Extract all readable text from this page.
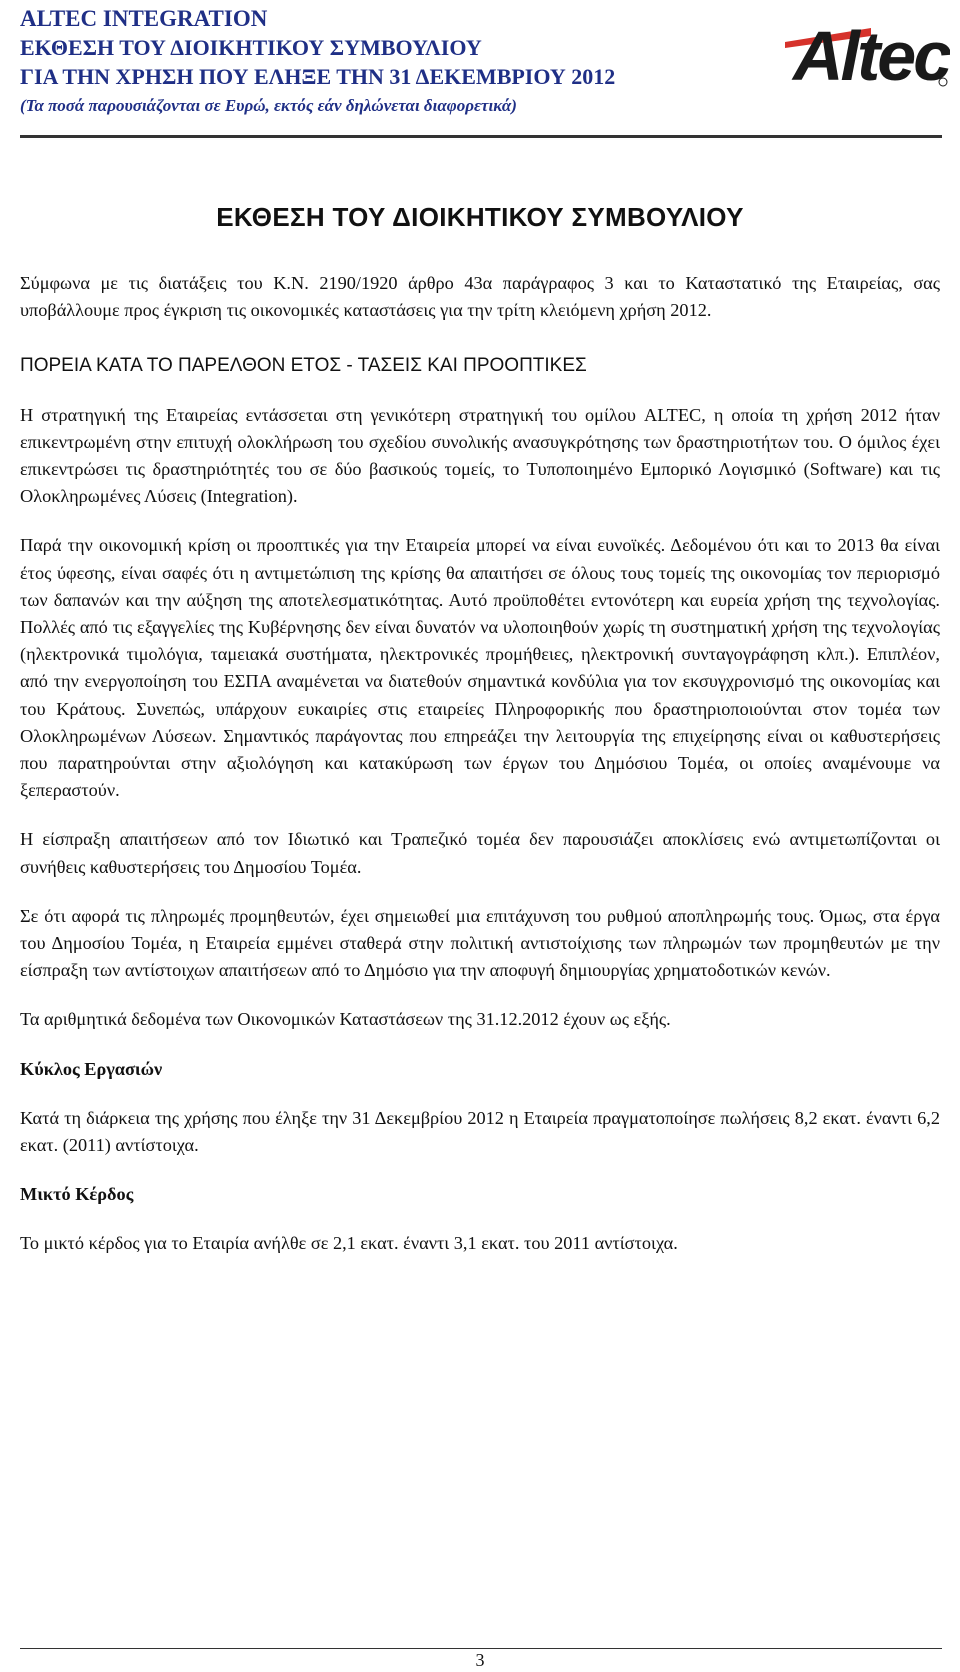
ALTEC INTEGRATION
ΕΚΘΕΣΗ ΤΟΥ ΔΙΟΙΚΗΤΙΚΟΥ ΣΥΜΒΟΥΛΙΟΥ
ΓΙΑ ΤΗΝ ΧΡΗΣΗ ΠΟΥ ΕΛΗΞΕ ΤΗΝ 31 ΔΕΚΕΜΒΡΙΟΥ 2012
(Τα ποσά παρουσιάζονται σε Ευρώ, εκτός εάν δηλώνεται διαφορετικά)
Altec
ΕΚΘΕΣΗ ΤΟΥ ΔΙΟΙΚΗΤΙΚΟΥ ΣΥΜΒΟΥΛΙΟΥ

Σύμφωνα με τις διατάξεις του Κ.Ν. 2190/1920 άρθρο 43α παράγραφος 3 και το Καταστατικό της Εταιρείας, σας υποβάλλουμε προς έγκριση τις οικονομικές καταστάσεις για την τρίτη κλειόμενη χρήση 2012.

ΠΟΡΕΙΑ ΚΑΤΑ ΤΟ ΠΑΡΕΛΘΟΝ ΕΤΟΣ - ΤΑΣΕΙΣ ΚΑΙ ΠΡΟΟΠΤΙΚΕΣ

Η στρατηγική της Εταιρείας εντάσσεται στη γενικότερη στρατηγική του ομίλου ALTEC, η οποία τη χρήση 2012 ήταν επικεντρωμένη στην επιτυχή ολοκλήρωση του σχεδίου συνολικής ανασυγκρότησης των δραστηριοτήτων του. Ο όμιλος έχει επικεντρώσει τις δραστηριότητές του σε δύο βασικούς τομείς, το Τυποποιημένο Εμπορικό Λογισμικό (Software) και τις Ολοκληρωμένες Λύσεις (Integration).

Παρά την οικονομική κρίση οι προοπτικές για την Εταιρεία μπορεί να είναι ευνοϊκές. Δεδομένου ότι και το 2013 θα είναι έτος ύφεσης, είναι σαφές ότι η αντιμετώπιση της κρίσης θα απαιτήσει σε όλους τους τομείς της οικονομίας τον περιορισμό των δαπανών και την αύξηση της αποτελεσματικότητας. Αυτό προϋποθέτει εντονότερη και ευρεία χρήση της τεχνολογίας. Πολλές από τις εξαγγελίες της Κυβέρνησης δεν είναι δυνατόν να υλοποιηθούν χωρίς τη συστηματική χρήση της τεχνολογίας (ηλεκτρονικά τιμολόγια, ταμειακά συστήματα, ηλεκτρονικές προμήθειες, ηλεκτρονική συνταγογράφηση κλπ.). Επιπλέον, από την ενεργοποίηση του ΕΣΠΑ αναμένεται να διατεθούν σημαντικά κονδύλια για τον εκσυγχρονισμό της οικονομίας και του Κράτους. Συνεπώς, υπάρχουν ευκαιρίες στις εταιρείες Πληροφορικής που δραστηριοποιούνται στον τομέα των Ολοκληρωμένων Λύσεων. Σημαντικός παράγοντας που επηρεάζει την λειτουργία της επιχείρησης είναι οι καθυστερήσεις που παρατηρούνται στην αξιολόγηση και κατακύρωση των έργων του Δημόσιου Τομέα, οι οποίες αναμένουμε να ξεπεραστούν.

Η είσπραξη απαιτήσεων από τον Ιδιωτικό και Τραπεζικό τομέα δεν παρουσιάζει αποκλίσεις ενώ αντιμετωπίζονται οι συνήθεις καθυστερήσεις του Δημοσίου Τομέα.

Σε ότι αφορά τις πληρωμές προμηθευτών, έχει σημειωθεί μια επιτάχυνση του ρυθμού αποπληρωμής τους. Όμως, στα έργα του Δημοσίου Τομέα, η Εταιρεία εμμένει σταθερά στην πολιτική αντιστοίχισης των πληρωμών των προμηθευτών με την είσπραξη των αντίστοιχων απαιτήσεων από το Δημόσιο για την αποφυγή δημιουργίας χρηματοδοτικών κενών.

Τα αριθμητικά δεδομένα των Οικονομικών Καταστάσεων της 31.12.2012 έχουν ως εξής.

Κύκλος Εργασιών

Κατά τη διάρκεια της χρήσης που έληξε την 31 Δεκεμβρίου 2012 η Εταιρεία πραγματοποίησε πωλήσεις 8,2 εκατ. έναντι 6,2 εκατ. (2011) αντίστοιχα.

Μικτό Κέρδος

Το μικτό κέρδος για το Εταιρία ανήλθε σε 2,1 εκατ. έναντι 3,1 εκατ. του 2011 αντίστοιχα.

3
